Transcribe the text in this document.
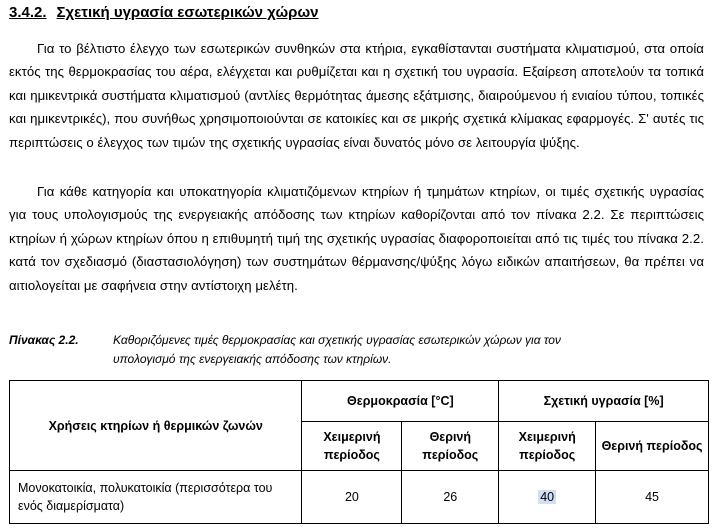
3.4.2. Σχετική υγρασία εσωτερικών χώρων
Για το βέλτιστο έλεγχο των εσωτερικών συνθηκών στα κτήρια, εγκαθίστανται συστήματα κλιματισμού, στα οποία εκτός της θερμοκρασίας του αέρα, ελέγχεται και ρυθμίζεται και η σχετική του υγρασία. Εξαίρεση αποτελούν τα τοπικά και ημικεντρικά συστήματα κλιματισμού (αντλίες θερμότητας άμεσης εξάτμισης, διαιρούμενου ή ενιαίου τύπου, τοπικές και ημικεντρικές), που συνήθως χρησιμοποιούνται σε κατοικίες και σε μικρής σχετικά κλίμακας εφαρμογές. Σ' αυτές τις περιπτώσεις ο έλεγχος των τιμών της σχετικής υγρασίας είναι δυνατός μόνο σε λειτουργία ψύξης.
Για κάθε κατηγορία και υποκατηγορία κλιματιζόμενων κτηρίων ή τμημάτων κτηρίων, οι τιμές σχετικής υγρασίας για τους υπολογισμούς της ενεργειακής απόδοσης των κτηρίων καθορίζονται από τον πίνακα 2.2. Σε περιπτώσεις κτηρίων ή χώρων κτηρίων όπου η επιθυμητή τιμή της σχετικής υγρασίας διαφοροποιείται από τις τιμές του πίνακα 2.2. κατά τον σχεδιασμό (διαστασιολόγηση) των συστημάτων θέρμανσης/ψύξης λόγω ειδικών απαιτήσεων, θα πρέπει να αιτιολογείται με σαφήνεια στην αντίστοιχη μελέτη.
Πίνακας 2.2.	Καθοριζόμενες τιμές θερμοκρασίας και σχετικής υγρασίας εσωτερικών χώρων για τον
υπολογισμό της ενεργειακής απόδοσης των κτηρίων.
Χρήσεις κτηρίων ή θερμικών ζωνών	Θερμοκρασία [°C]		Σχετική υγρασία [%]	
	Χειμερινή περίοδος	Θερινή περίοδος	Χειμερινή περίοδος	Θερινή περίοδος
Μονοκατοικία, πολυκατοικία (περισσότερα του ενός διαμερίσματα)	20	26	40	45
